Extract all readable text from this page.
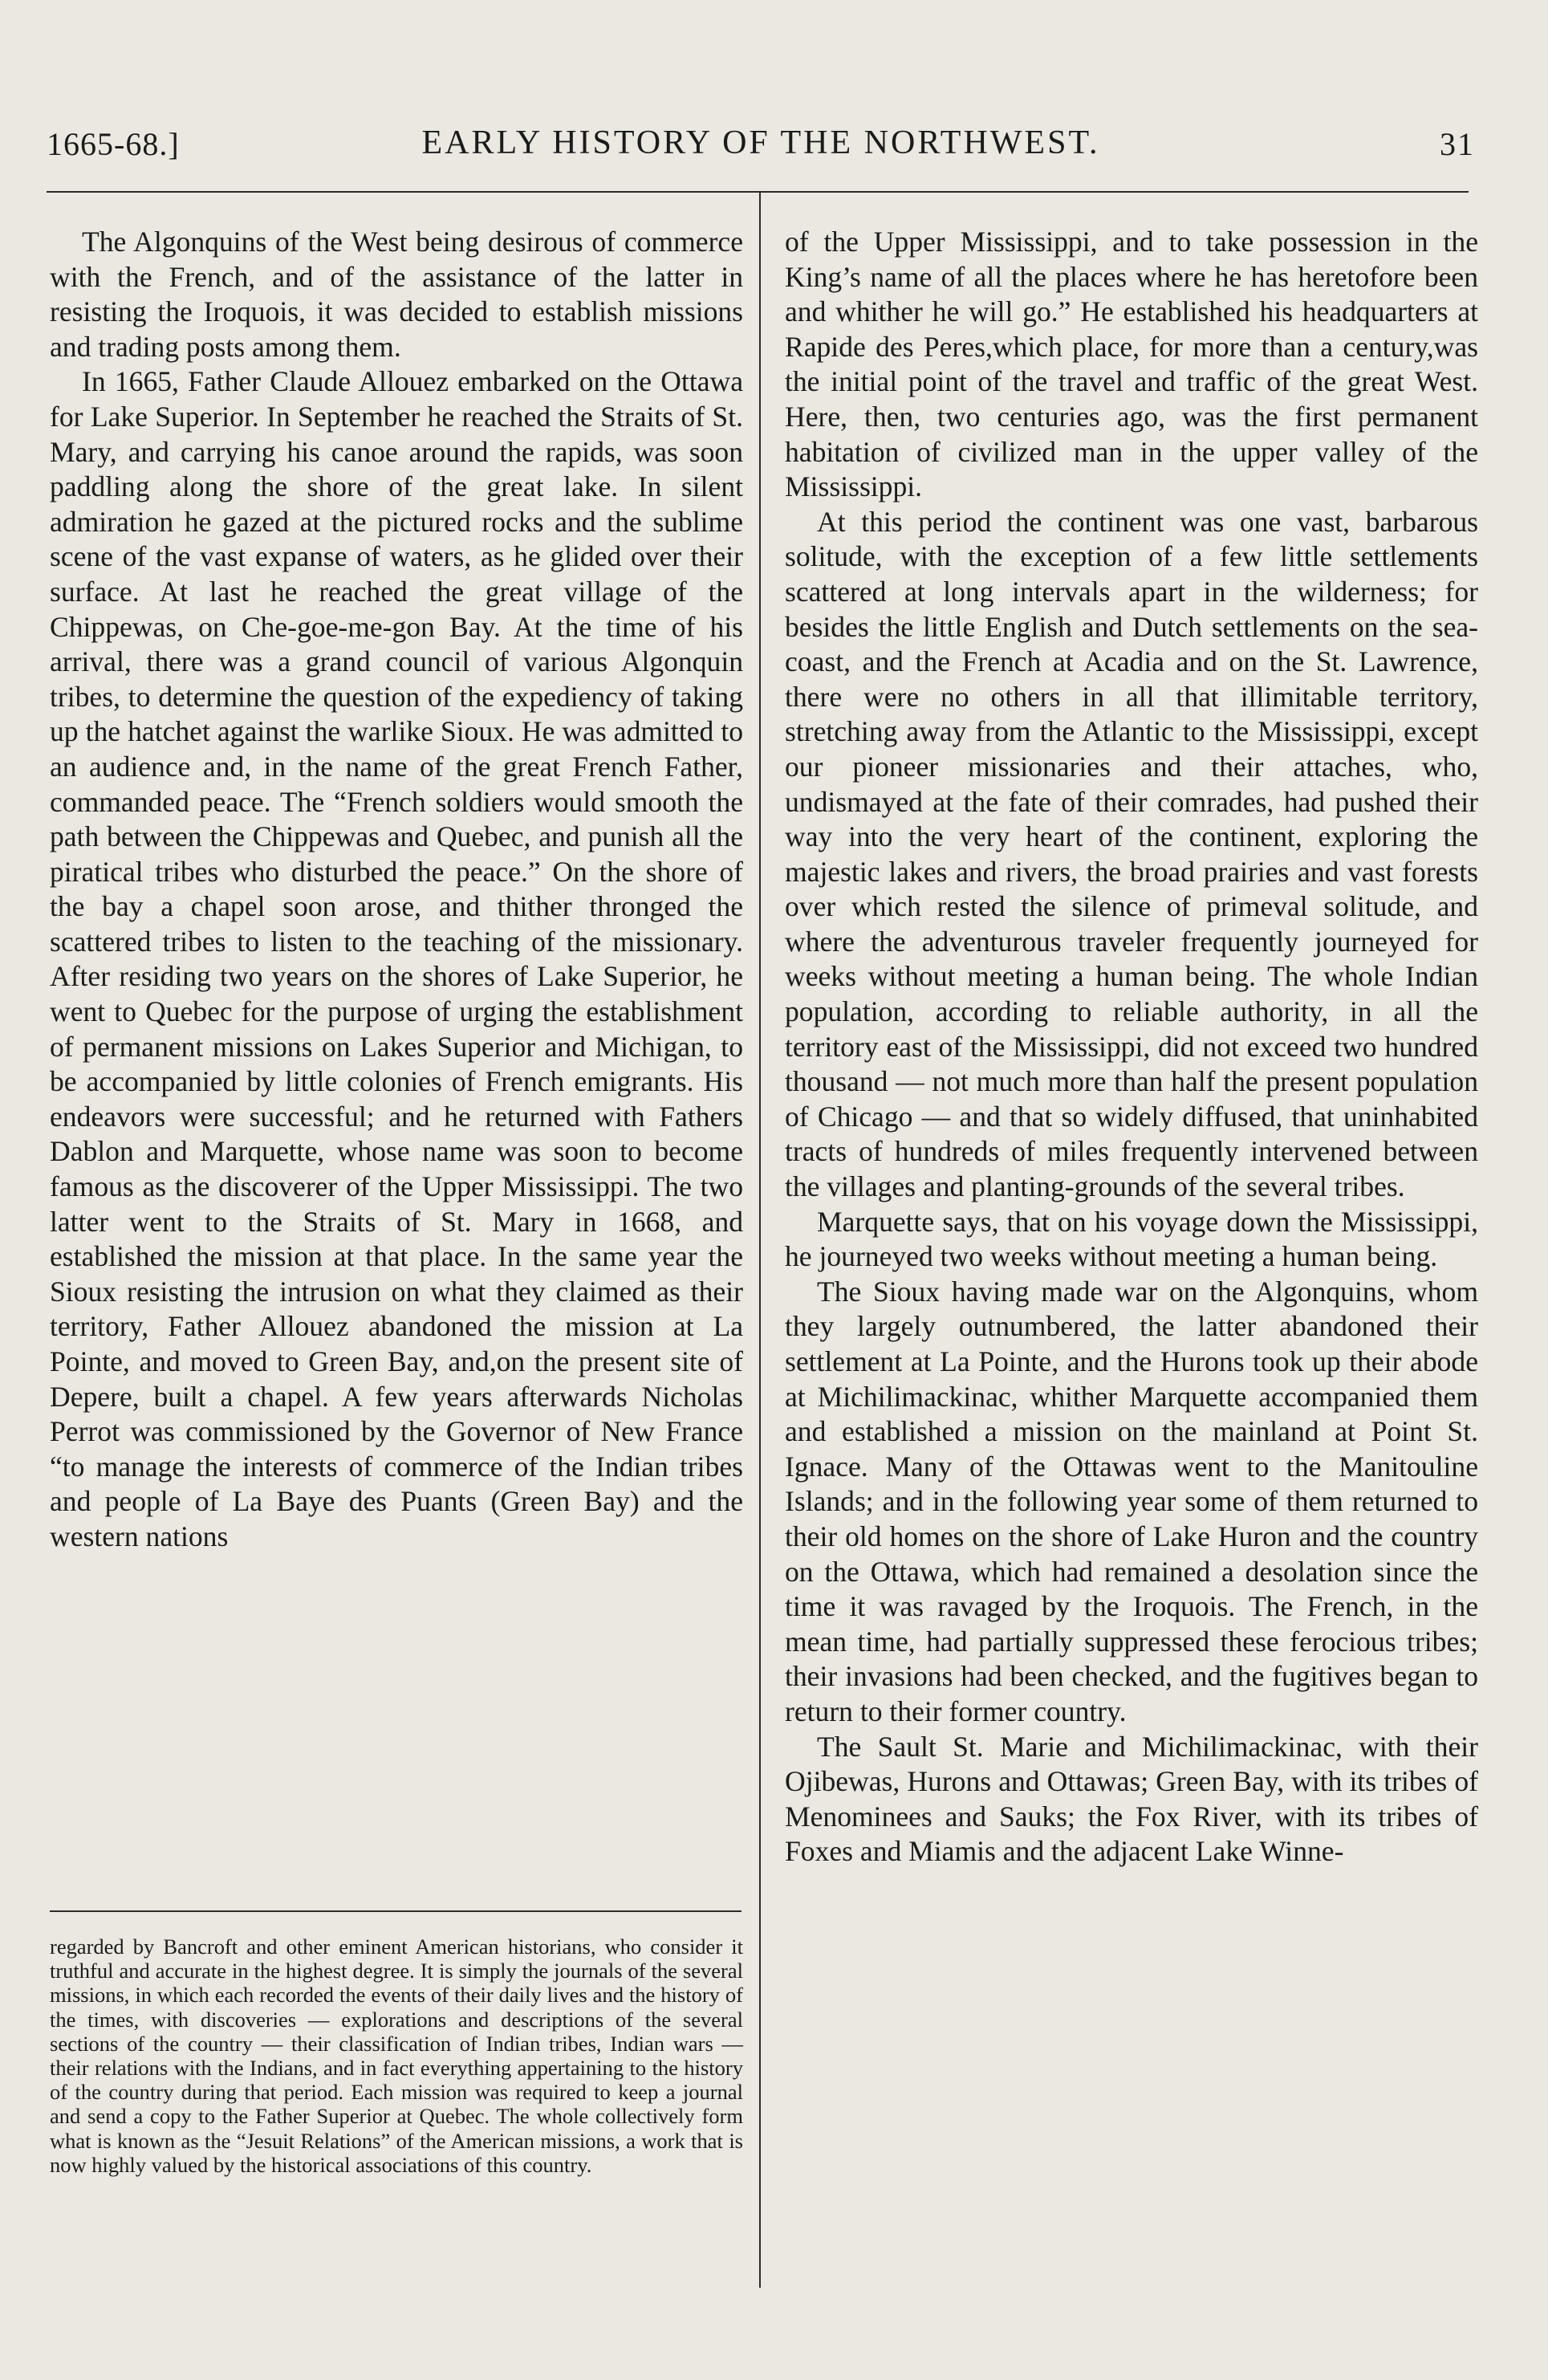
1665-68.]	EARLY HISTORY OF THE NORTHWEST.	31

The Algonquins of the West being desirous of commerce with the French, and of the assistance of the latter in resisting the Iroquois, it was decided to establish missions and trading posts among them.

In 1665, Father Claude Allouez embarked on the Ottawa for Lake Superior. In September he reached the Straits of St. Mary, and carrying his canoe around the rapids, was soon paddling along the shore of the great lake. In silent admiration he gazed at the pictured rocks and the sublime scene of the vast expanse of waters, as he glided over their surface. At last he reached the great village of the Chippewas, on Che-goe-me-gon Bay. At the time of his arrival, there was a grand council of various Algonquin tribes, to determine the question of the expediency of taking up the hatchet against the warlike Sioux. He was admitted to an audience and, in the name of the great French Father, commanded peace. The “French soldiers would smooth the path between the Chippewas and Quebec, and punish all the piratical tribes who disturbed the peace.” On the shore of the bay a chapel soon arose, and thither thronged the scattered tribes to listen to the teaching of the missionary. After residing two years on the shores of Lake Superior, he went to Quebec for the purpose of urging the establishment of permanent missions on Lakes Superior and Michigan, to be accompanied by little colonies of French emigrants. His endeavors were successful; and he returned with Fathers Dablon and Marquette, whose name was soon to become famous as the discoverer of the Upper Mississippi. The two latter went to the Straits of St. Mary in 1668, and established the mission at that place. In the same year the Sioux resisting the intrusion on what they claimed as their territory, Father Allouez abandoned the mission at La Pointe, and moved to Green Bay, and,on the present site of Depere, built a chapel. A few years afterwards Nicholas Perrot was commissioned by the Governor of New France “to manage the interests of commerce of the Indian tribes and people of La Baye des Puants (Green Bay) and the western nations

regarded by Bancroft and other eminent American historians, who consider it truthful and accurate in the highest degree. It is simply the journals of the several missions, in which each recorded the events of their daily lives and the history of the times, with discoveries — explorations and descriptions of the several sections of the country — their classification of Indian tribes, Indian wars — their relations with the Indians, and in fact everything appertaining to the history of the country during that period. Each mission was required to keep a journal and send a copy to the Father Superior at Quebec. The whole collectively form what is known as the “Jesuit Relations” of the American missions, a work that is now highly valued by the historical associations of this country.

of the Upper Mississippi, and to take possession in the King’s name of all the places where he has heretofore been and whither he will go.” He established his headquarters at Rapide des Peres,which place, for more than a century,was the initial point of the travel and traffic of the great West. Here, then, two centuries ago, was the first permanent habitation of civilized man in the upper valley of the Mississippi.

At this period the continent was one vast, barbarous solitude, with the exception of a few little settlements scattered at long intervals apart in the wilderness; for besides the little English and Dutch settlements on the sea-coast, and the French at Acadia and on the St. Lawrence, there were no others in all that illimitable territory, stretching away from the Atlantic to the Mississippi, except our pioneer missionaries and their attaches, who, undismayed at the fate of their comrades, had pushed their way into the very heart of the continent, exploring the majestic lakes and rivers, the broad prairies and vast forests over which rested the silence of primeval solitude, and where the adventurous traveler frequently journeyed for weeks without meeting a human being. The whole Indian population, according to reliable authority, in all the territory east of the Mississippi, did not exceed two hundred thousand — not much more than half the present population of Chicago — and that so widely diffused, that uninhabited tracts of hundreds of miles frequently intervened between the villages and planting-grounds of the several tribes.

Marquette says, that on his voyage down the Mississippi, he journeyed two weeks without meeting a human being.

The Sioux having made war on the Algonquins, whom they largely outnumbered, the latter abandoned their settlement at La Pointe, and the Hurons took up their abode at Michilimackinac, whither Marquette accompanied them and established a mission on the mainland at Point St. Ignace. Many of the Ottawas went to the Manitouline Islands; and in the following year some of them returned to their old homes on the shore of Lake Huron and the country on the Ottawa, which had remained a desolation since the time it was ravaged by the Iroquois. The French, in the mean time, had partially suppressed these ferocious tribes; their invasions had been checked, and the fugitives began to return to their former country.

The Sault St. Marie and Michilimackinac, with their Ojibewas, Hurons and Ottawas; Green Bay, with its tribes of Menominees and Sauks; the Fox River, with its tribes of Foxes and Miamis and the adjacent Lake Winne-
